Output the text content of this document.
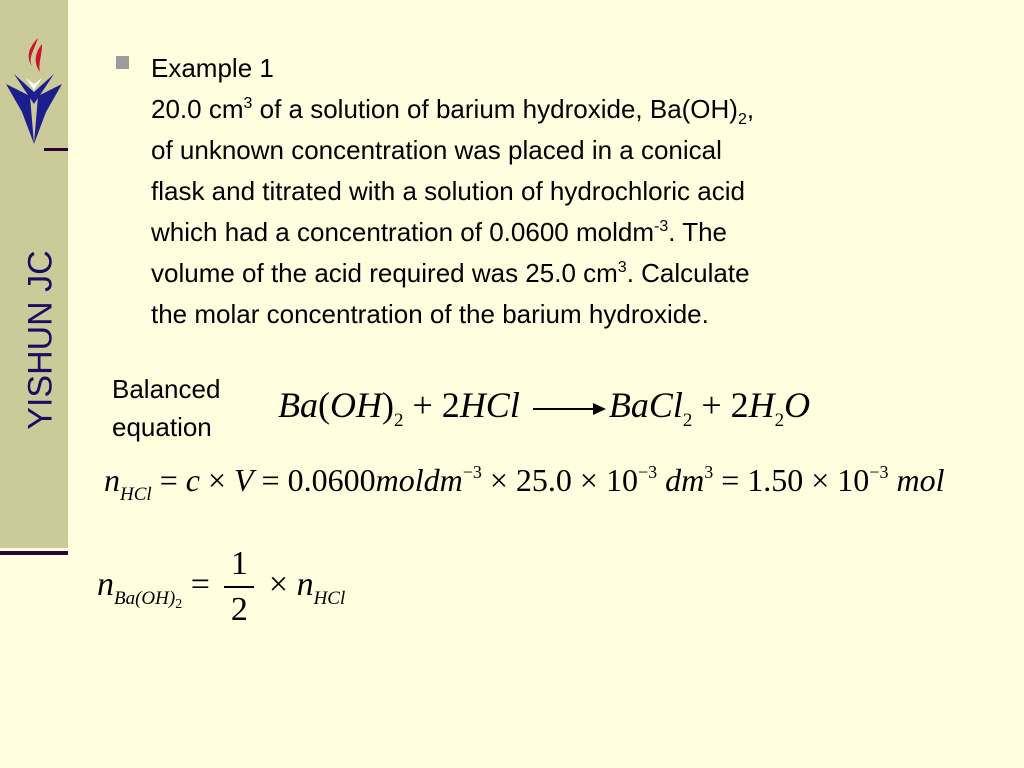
YISHUN JC
Example 1
20.0 $cm^3$ of a solution of barium hydroxide, $Ba(OH)_2$,
of unknown concentration was placed in a conical
flask and titrated with a solution of hydrochloric acid
which had a concentration of 0.0600 moldm$^{-3}$. The
volume of the acid required was 25.0 $cm^3$. Calculate
the molar concentration of the barium hydroxide.
Balanced
equation
$Ba(OH)_2 + 2HCl$ → BaCl$_2$ + $2H_2O$
$n_{HCl} = c \times V$ = 0.0600moldm$^{-3}$ × $25.0 \times 10^{-3}$ $dm^3 = 1.50 \times 10^{-3}$ mol
$n_{Ba(OH)2} = \frac{1}{2} \times n_{HCl}$
